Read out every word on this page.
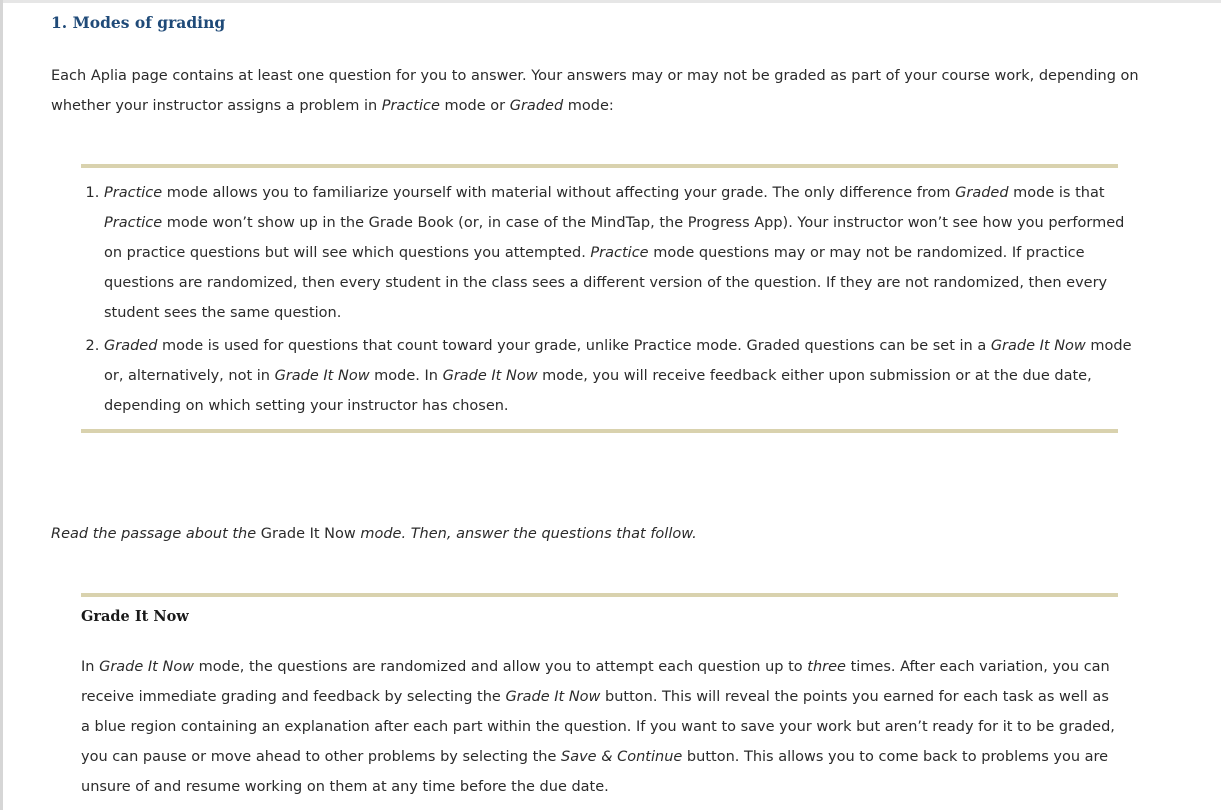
1. Modes of grading

Each Aplia page contains at least one question for you to answer. Your answers may or may not be graded as part of your course work, depending on whether your instructor assigns a problem in Practice mode or Graded mode:

1. Practice mode allows you to familiarize yourself with material without affecting your grade. The only difference from Graded mode is that Practice mode won’t show up in the Grade Book (or, in case of the MindTap, the Progress App). Your instructor won’t see how you performed on practice questions but will see which questions you attempted. Practice mode questions may or may not be randomized. If practice questions are randomized, then every student in the class sees a different version of the question. If they are not randomized, then every student sees the same question.
2. Graded mode is used for questions that count toward your grade, unlike Practice mode. Graded questions can be set in a Grade It Now mode or, alternatively, not in Grade It Now mode. In Grade It Now mode, you will receive feedback either upon submission or at the due date, depending on which setting your instructor has chosen.

Read the passage about the Grade It Now mode. Then, answer the questions that follow.

Grade It Now

In Grade It Now mode, the questions are randomized and allow you to attempt each question up to three times. After each variation, you can receive immediate grading and feedback by selecting the Grade It Now button. This will reveal the points you earned for each task as well as a blue region containing an explanation after each part within the question. If you want to save your work but aren’t ready for it to be graded, you can pause or move ahead to other problems by selecting the Save & Continue button. This allows you to come back to problems you are unsure of and resume working on them at any time before the due date.
